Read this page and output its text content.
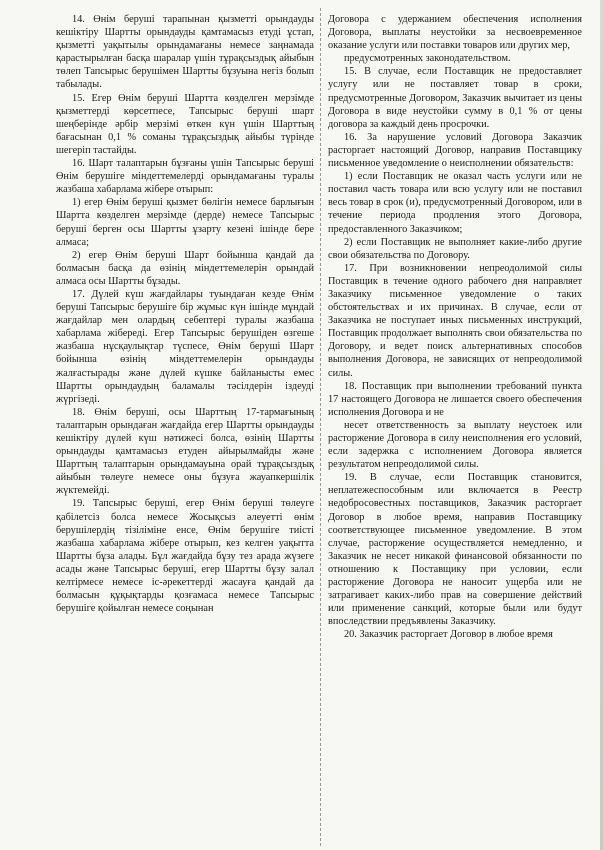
14. Өнім беруші тарапынан қызметті орындауды кешіктіру Шартты орындауды қамтамасыз етуді ұстап, қызметті уақытылы орындамағаны немесе заңнамада қарастырылған басқа шаралар үшін тұрақсыздық айыбын төлеп Тапсырыс берушімен Шартты бұзуына негіз болып табылады.

15. Егер Өнім беруші Шартта көзделген мерзімде қызметтерді көрсетпесе, Тапсырыс беруші шарт шеңберінде әрбір мерзімі өткен күн үшін Шарттың бағасынан 0,1 % соманы тұрақсыздық айыбы түрінде шегеріп тастайды.

16. Шарт талаптарын бұзғаны үшін Тапсырыс беруші Өнім берушіге міндеттемелерді орындамағаны туралы жазбаша хабарлама жібере отырып:

1) егер Өнім беруші қызмет бөлігін немесе барлығын Шартта көзделген мерзімде (дерде) немесе Тапсырыс беруші берген осы Шартты ұзарту кезені ішінде бере алмаса;

2) егер Өнім беруші Шарт бойынша қандай да болмасын басқа да өзінің міндеттемелерін орындай алмаса осы Шартты бұзады.

17. Дүлей күш жағдайлары туындаған кезде Өнім беруші Тапсырыс берушіге бір жұмыс күн ішінде мұндай жағдайлар мен олардың себептері туралы жазбаша хабарлама жібереді. Егер Тапсырыс берушіден өзгеше жазбаша нұсқаулықтар түспесе, Өнім беруші Шарт бойынша өзінің міндеттемелерін орындауды жалғастырады және дүлей күшке байланысты емес Шартты орындаудың баламалы тәсілдерін іздеуді жүргізеді.

18. Өнім беруші, осы Шарттың 17-тармағының талаптарын орындаған жағдайда егер Шартты орындауды кешіктіру дүлей күш нәтижесі болса, өзінің Шартты орындауды қамтамасыз етуден айырылмайды және Шарттың талаптарын орындамауына орай тұрақсыздық айыбын төлеуге немесе оны бұзуға жауапкершілік жүктемейді.

19. Тапсырыс беруші, егер Өнім беруші төлеуге қабілетсіз болса немесе Жосықсыз әлеуетті өнім берушілердің тізіліміне енсе, Өнім берушіге тиісті жазбаша хабарлама жібере отырып, кез келген уақытта Шартты бұза алады. Бұл жағдайда бұзу тез арада жүзеге асады және Тапсырыс беруші, егер Шартты бұзу залал келтірмесе немесе іс-әрекеттерді жасауға қандай да болмасын құқықтарды қозғамаса немесе Тапсырыс берушіге қойылған немесе соңынан

Договора с удержанием обеспечения исполнения Договора, выплаты неустойки за несвоевременное оказание услуги или поставки товаров или других мер,

предусмотренных законодательством.

15. В случае, если Поставщик не предоставляет услугу или не поставляет товар в сроки, предусмотренные Договором, Заказчик вычитает из цены Договора в виде неустойки сумму в 0,1 % от цены договора за каждый день просрочки.

16. За нарушение условий Договора Заказчик расторгает настоящий Договор, направив Поставщику письменное уведомление о неисполнении обязательств:

1) если Поставщик не оказал часть услуги или не поставил часть товара или всю услугу или не поставил весь товар в срок (и), предусмотренный Договором, или в течение периода продления этого Договора, предоставленного Заказчиком;

2) если Поставщик не выполняет какие-либо другие свои обязательства по Договору.

17. При возникновении непреодолимой силы Поставщик в течение одного рабочего дня направляет Заказчику письменное уведомление о таких обстоятельствах и их причинах. В случае, если от Заказчика не поступает иных письменных инструкций, Поставщик продолжает выполнять свои обязательства по Договору, и ведет поиск альтернативных способов выполнения Договора, не зависящих от непреодолимой силы.

18. Поставщик при выполнении требований пункта 17 настоящего Договора не лишается своего обеспечения исполнения Договора и не

несет ответственность за выплату неустоек или расторжение Договора в силу неисполнения его условий, если задержка с исполнением Договора является результатом непреодолимой силы.

19. В случае, если Поставщик становится, неплатежеспособным или включается в Реестр недобросовестных поставщиков, Заказчик расторгает Договор в любое время, направив Поставщику соответствующее письменное уведомление. В этом случае, расторжение осуществляется немедленно, и Заказчик не несет никакой финансовой обязанности по отношению к Поставщику при условии, если расторжение Договора не наносит ущерба или не затрагивает каких-либо прав на совершение действий или применение санкций, которые были или будут впоследствии предъявлены Заказчику.

20. Заказчик расторгает Договор в любое время
